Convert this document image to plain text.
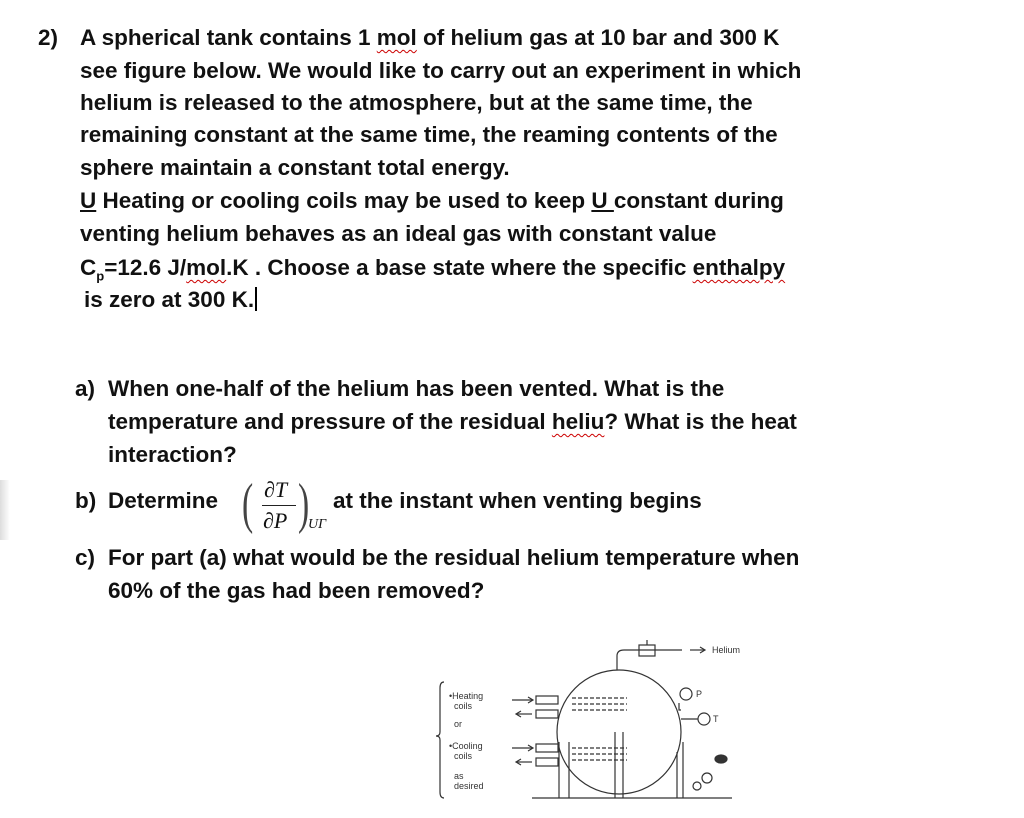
2) A spherical tank contains 1 mol of helium gas at 10 bar and 300 K
see figure below. We would like to carry out an experiment in which
helium is released to the atmosphere, but at the same time, the
remaining constant at the same time, the reaming contents of the
sphere maintain a constant total energy.
U Heating or cooling coils may be used to keep U constant during
venting helium behaves as an ideal gas with constant value
$C_p=12.6$ J/mol.K . Choose a base state where the specific enthalpy
is zero at 300 K.
a) When one-half of the helium has been vented. What is the
temperature and pressure of the residual heliu? What is the heat
interaction?
b) Determine ( ∂T
∂P )
UΓ
at the instant when venting begins
c) For part (a) what would be the residual helium temperature when
60% of the gas had been removed?
Helium
•Heating
coils
or
•Cooling
coils
as
desired
P
T
